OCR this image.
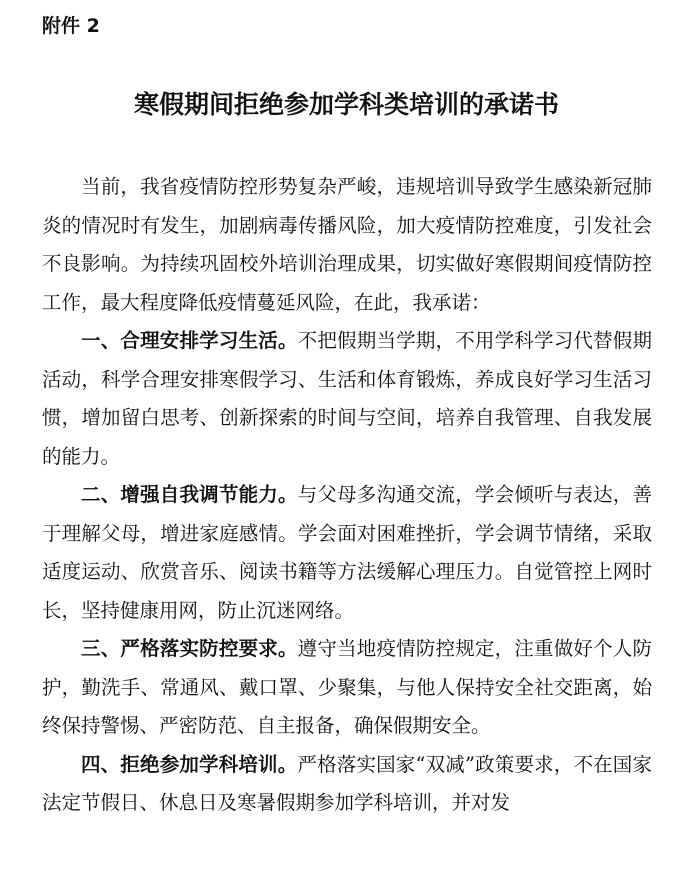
附件 2
寒假期间拒绝参加学科类培训的承诺书

当前，我省疫情防控形势复杂严峻，违规培训导致学生感染新冠肺炎的情况时有发生，加剧病毒传播风险，加大疫情防控难度，引发社会不良影响。为持续巩固校外培训治理成果，切实做好寒假期间疫情防控工作，最大程度降低疫情蔓延风险，在此，我承诺：

一、合理安排学习生活。不把假期当学期，不用学科学习代替假期活动，科学合理安排寒假学习、生活和体育锻炼，养成良好学习生活习惯，增加留白思考、创新探索的时间与空间，培养自我管理、自我发展的能力。

二、增强自我调节能力。与父母多沟通交流，学会倾听与表达，善于理解父母，增进家庭感情。学会面对困难挫折，学会调节情绪，采取适度运动、欣赏音乐、阅读书籍等方法缓解心理压力。自觉管控上网时长，坚持健康用网，防止沉迷网络。

三、严格落实防控要求。遵守当地疫情防控规定，注重做好个人防护，勤洗手、常通风、戴口罩、少聚集，与他人保持安全社交距离，始终保持警惕、严密防范、自主报备，确保假期安全。

四、拒绝参加学科培训。严格落实国家“双减”政策要求，不在国家法定节假日、休息日及寒暑假期参加学科培训，并对发
